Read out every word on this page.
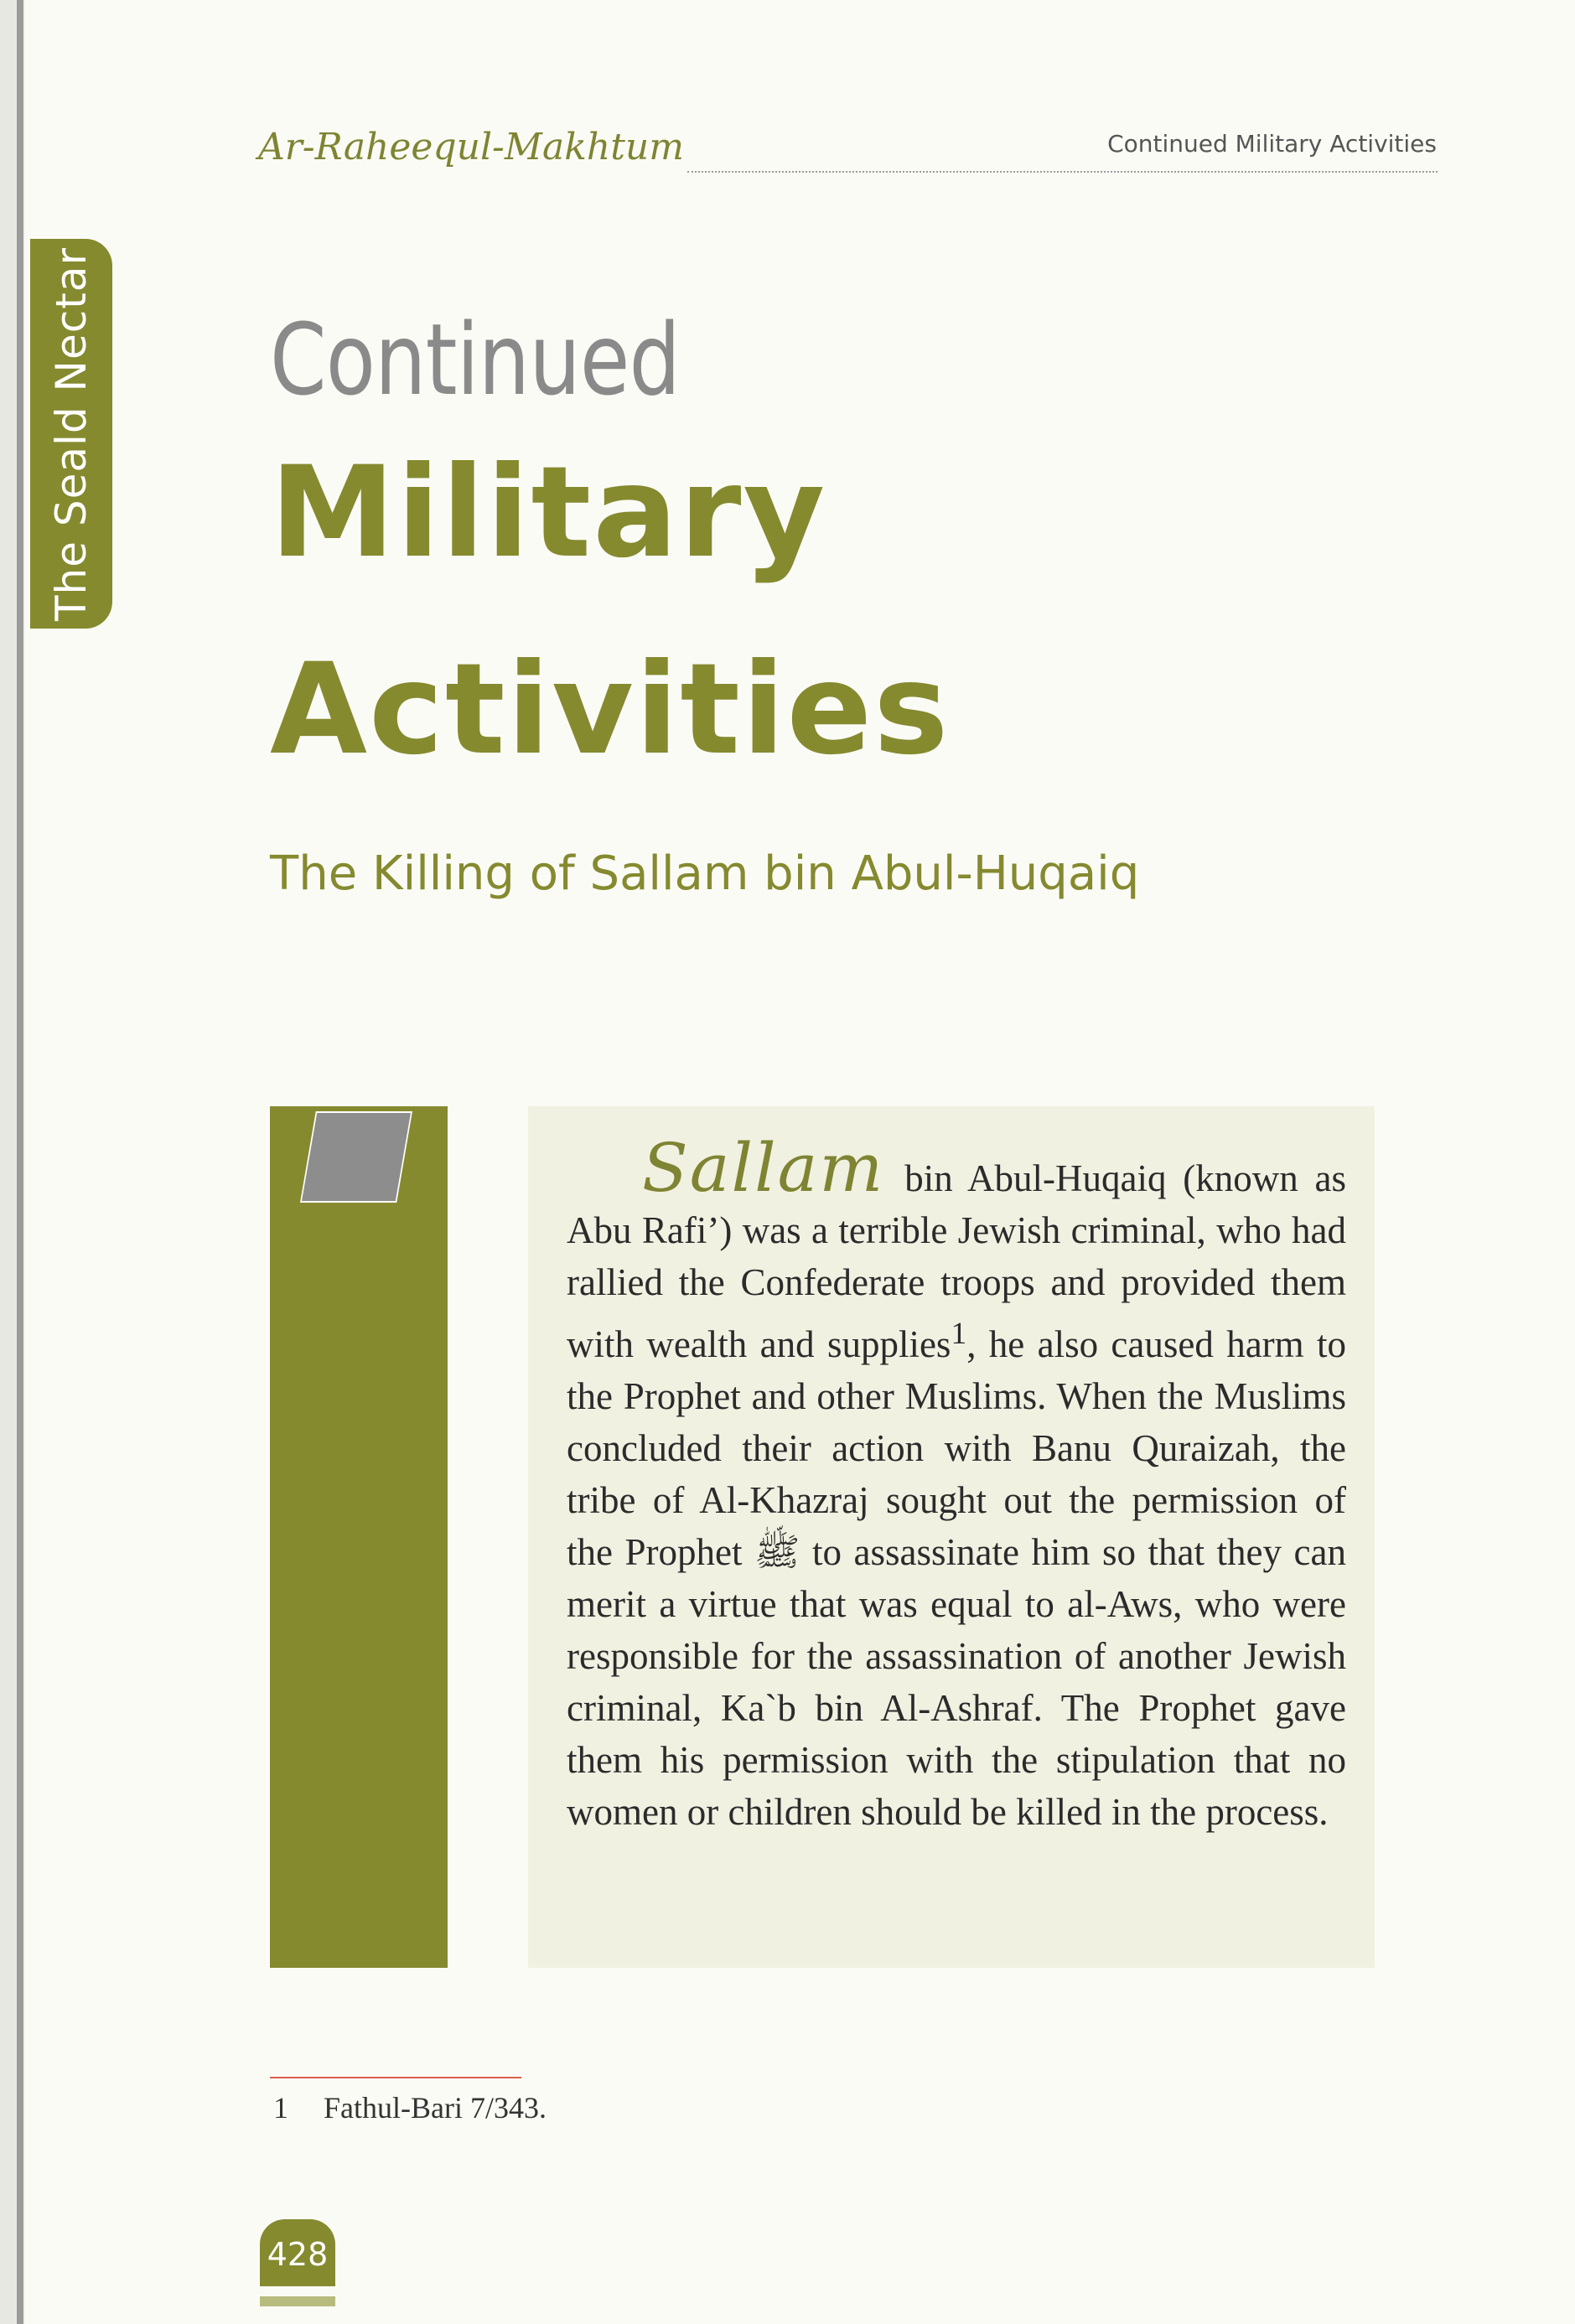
The Seald Nectar
Ar-Raheequl-Makhtum	Continued Military Activities
Continued
Military
Activities
The Killing of Sallam bin Abul-Huqaiq
Sallam bin Abul-Huqaiq (known as Abu Rafi’) was a terrible Jewish criminal, who had rallied the Confederate troops and provided them with wealth and supplies$^1$, he also caused harm to the Prophet and other Muslims. When the Muslims concluded their action with Banu Quraizah, the tribe of Al-Khazraj sought out the permission of the Prophet ﷺ to assassinate him so that they can merit a virtue that was equal to al-Aws, who were responsible for the assassination of another Jewish criminal, Ka`b bin Al-Ashraf. The Prophet gave them his permission with the stipulation that no women or children should be killed in the process.
1 Fathul-Bari 7/343.
428
